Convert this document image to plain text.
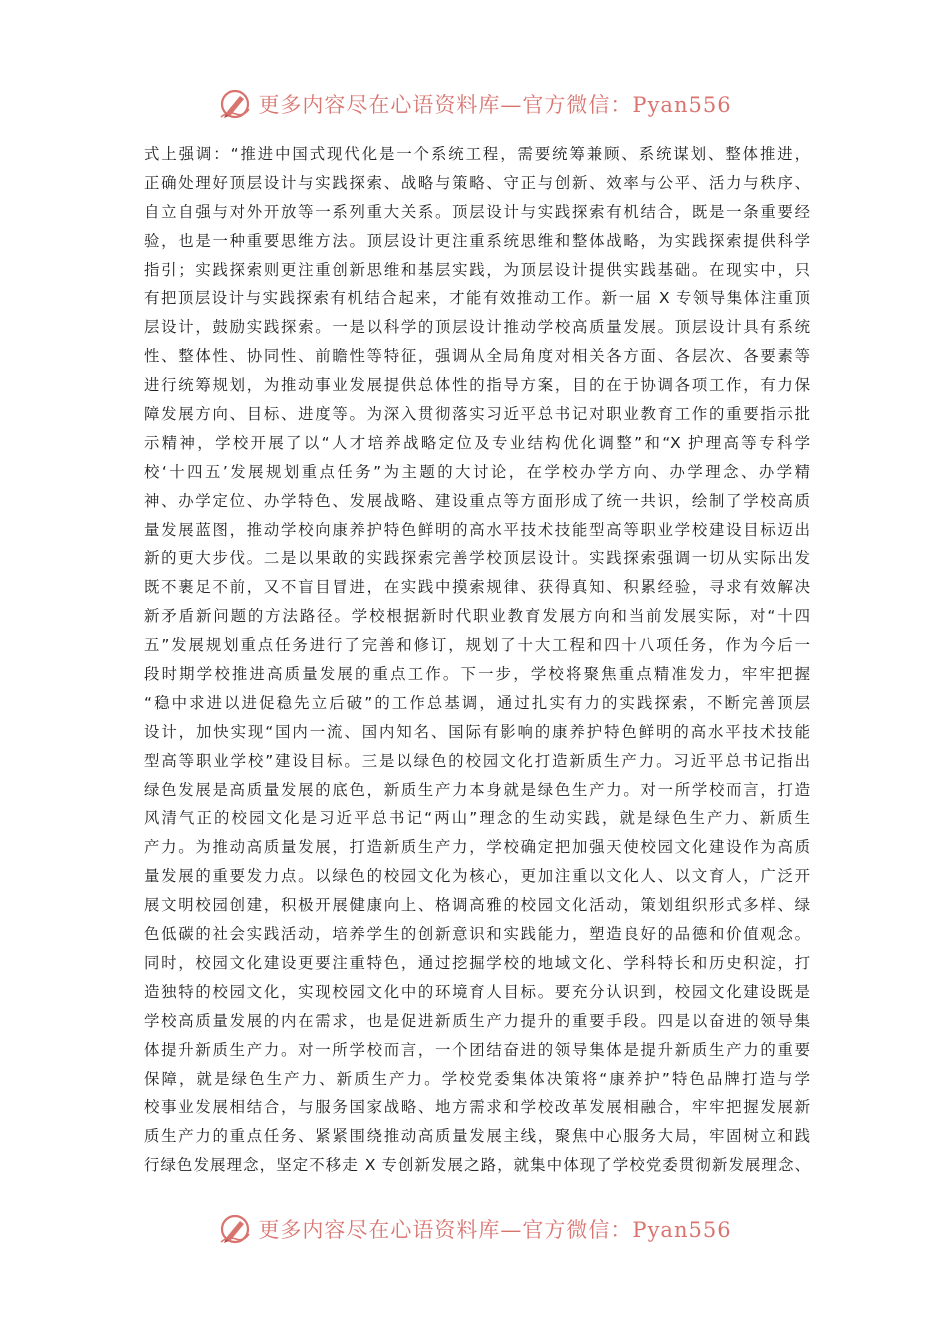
更多内容尽在心语资料库—官方微信：Pyan556
式上强调：“推进中国式现代化是一个系统工程，需要统筹兼顾、系统谋划、整体推进，
正确处理好顶层设计与实践探索、战略与策略、守正与创新、效率与公平、活力与秩序、
自立自强与对外开放等一系列重大关系。顶层设计与实践探索有机结合，既是一条重要经
验，也是一种重要思维方法。顶层设计更注重系统思维和整体战略，为实践探索提供科学
指引；实践探索则更注重创新思维和基层实践，为顶层设计提供实践基础。在现实中，只
有把顶层设计与实践探索有机结合起来，才能有效推动工作。新一届 X 专领导集体注重顶
层设计，鼓励实践探索。一是以科学的顶层设计推动学校高质量发展。顶层设计具有系统
性、整体性、协同性、前瞻性等特征，强调从全局角度对相关各方面、各层次、各要素等
进行统筹规划，为推动事业发展提供总体性的指导方案，目的在于协调各项工作，有力保
障发展方向、目标、进度等。为深入贯彻落实习近平总书记对职业教育工作的重要指示批
示精神，学校开展了以“人才培养战略定位及专业结构优化调整”和“X 护理高等专科学
校‘十四五’发展规划重点任务”为主题的大讨论，在学校办学方向、办学理念、办学精
神、办学定位、办学特色、发展战略、建设重点等方面形成了统一共识，绘制了学校高质
量发展蓝图，推动学校向康养护特色鲜明的高水平技术技能型高等职业学校建设目标迈出
新的更大步伐。二是以果敢的实践探索完善学校顶层设计。实践探索强调一切从实际出发
既不裹足不前，又不盲目冒进，在实践中摸索规律、获得真知、积累经验，寻求有效解决
新矛盾新问题的方法路径。学校根据新时代职业教育发展方向和当前发展实际，对“十四
五”发展规划重点任务进行了完善和修订，规划了十大工程和四十八项任务，作为今后一
段时期学校推进高质量发展的重点工作。下一步，学校将聚焦重点精准发力，牢牢把握
“稳中求进以进促稳先立后破”的工作总基调，通过扎实有力的实践探索，不断完善顶层
设计，加快实现“国内一流、国内知名、国际有影响的康养护特色鲜明的高水平技术技能
型高等职业学校”建设目标。三是以绿色的校园文化打造新质生产力。习近平总书记指出
绿色发展是高质量发展的底色，新质生产力本身就是绿色生产力。对一所学校而言，打造
风清气正的校园文化是习近平总书记“两山”理念的生动实践，就是绿色生产力、新质生
产力。为推动高质量发展，打造新质生产力，学校确定把加强天使校园文化建设作为高质
量发展的重要发力点。以绿色的校园文化为核心，更加注重以文化人、以文育人，广泛开
展文明校园创建，积极开展健康向上、格调高雅的校园文化活动，策划组织形式多样、绿
色低碳的社会实践活动，培养学生的创新意识和实践能力，塑造良好的品德和价值观念。
同时，校园文化建设更要注重特色，通过挖掘学校的地域文化、学科特长和历史积淀，打
造独特的校园文化，实现校园文化中的环境育人目标。要充分认识到，校园文化建设既是
学校高质量发展的内在需求，也是促进新质生产力提升的重要手段。四是以奋进的领导集
体提升新质生产力。对一所学校而言，一个团结奋进的领导集体是提升新质生产力的重要
保障，就是绿色生产力、新质生产力。学校党委集体决策将“康养护”特色品牌打造与学
校事业发展相结合，与服务国家战略、地方需求和学校改革发展相融合，牢牢把握发展新
质生产力的重点任务、紧紧围绕推动高质量发展主线，聚焦中心服务大局，牢固树立和践
行绿色发展理念，坚定不移走 X 专创新发展之路，就集中体现了学校党委贯彻新发展理念、
更多内容尽在心语资料库—官方微信：Pyan556
